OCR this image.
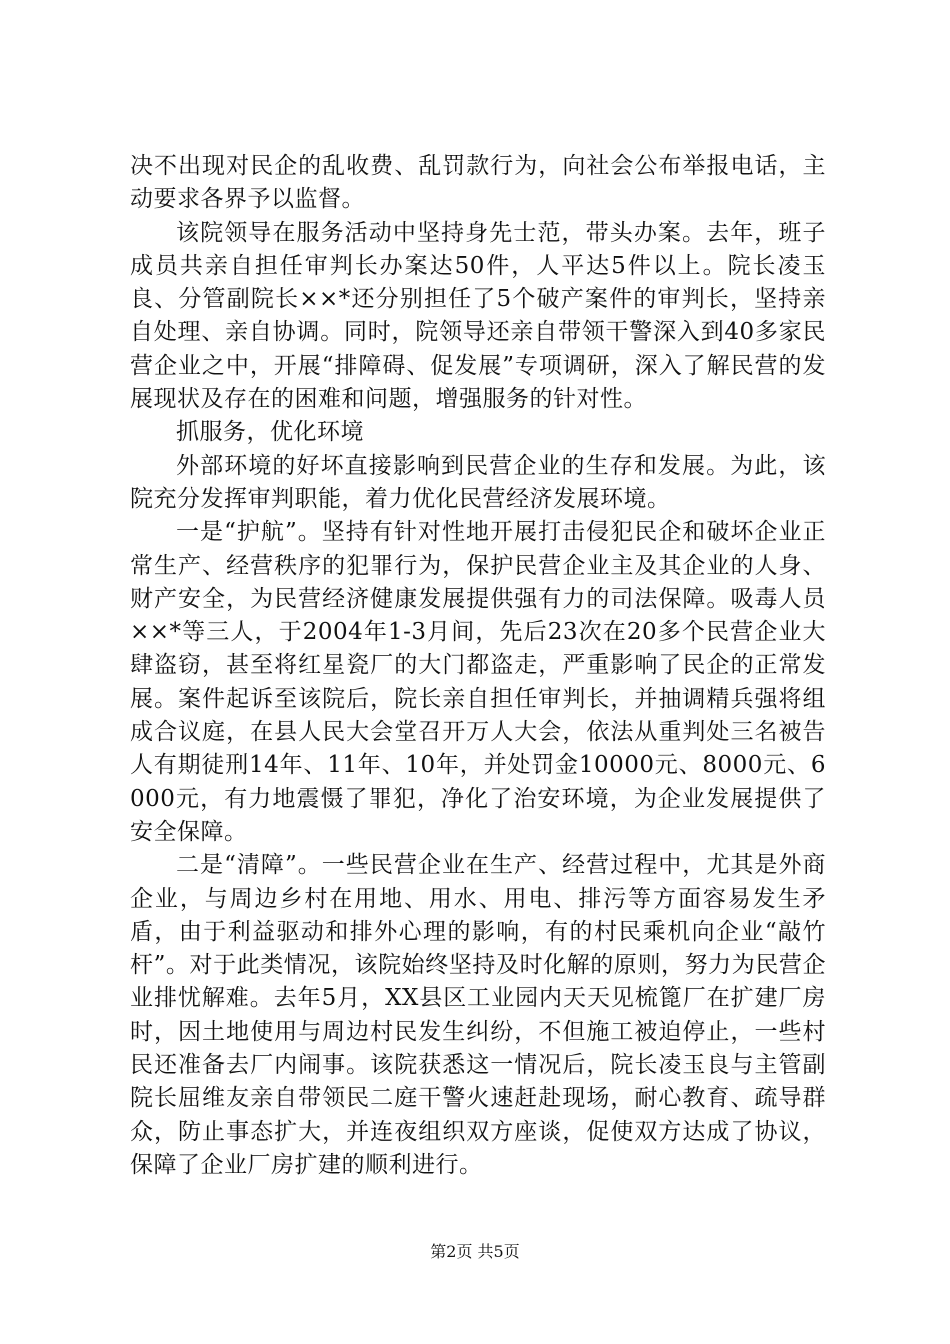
决不出现对民企的乱收费、乱罚款行为，向社会公布举报电话，主动要求各界予以监督。

该院领导在服务活动中坚持身先士范，带头办案。去年，班子成员共亲自担任审判长办案达50件，人平达5件以上。院长凌玉良、分管副院长××*还分别担任了5个破产案件的审判长，坚持亲自处理、亲自协调。同时，院领导还亲自带领干警深入到40多家民营企业之中，开展“排障碍、促发展”专项调研，深入了解民营的发展现状及存在的困难和问题，增强服务的针对性。

抓服务，优化环境

外部环境的好坏直接影响到民营企业的生存和发展。为此，该院充分发挥审判职能，着力优化民营经济发展环境。

一是“护航”。坚持有针对性地开展打击侵犯民企和破坏企业正常生产、经营秩序的犯罪行为，保护民营企业主及其企业的人身、财产安全，为民营经济健康发展提供强有力的司法保障。吸毒人员××*等三人，于2004年1-3月间，先后23次在20多个民营企业大肆盗窃，甚至将红星瓷厂的大门都盗走，严重影响了民企的正常发展。案件起诉至该院后，院长亲自担任审判长，并抽调精兵强将组成合议庭，在县人民大会堂召开万人大会，依法从重判处三名被告人有期徒刑14年、11年、10年，并处罚金10000元、8000元、6000元，有力地震慑了罪犯，净化了治安环境，为企业发展提供了安全保障。

二是“清障”。一些民营企业在生产、经营过程中，尤其是外商企业，与周边乡村在用地、用水、用电、排污等方面容易发生矛盾，由于利益驱动和排外心理的影响，有的村民乘机向企业“敲竹杆”。对于此类情况，该院始终坚持及时化解的原则，努力为民营企业排忧解难。去年5月，XX县区工业园内天天见梳篦厂在扩建厂房时，因土地使用与周边村民发生纠纷，不但施工被迫停止，一些村民还准备去厂内闹事。该院获悉这一情况后，院长凌玉良与主管副院长屈维友亲自带领民二庭干警火速赶赴现场，耐心教育、疏导群众，防止事态扩大，并连夜组织双方座谈，促使双方达成了协议，保障了企业厂房扩建的顺利进行。

第2页 共5页
